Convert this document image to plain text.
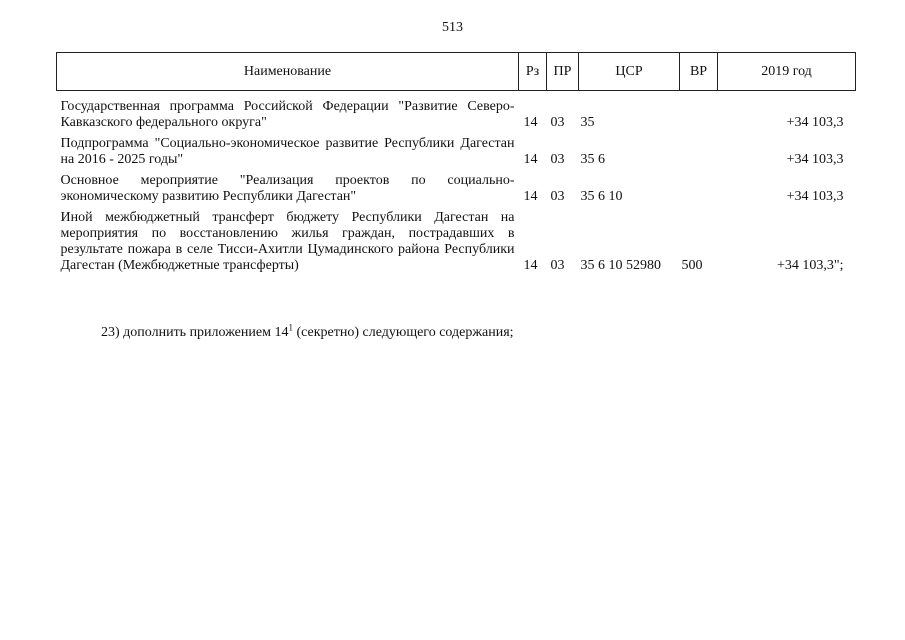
513
Наименование	Рз	ПР	ЦСР	ВР	2019 год

Государственная программа Российской Федерации "Развитие Северо-Кавказского федерального округа"	14	03	35		+34 103,3

Подпрограмма "Социально-экономическое развитие Республики Дагестан на 2016 - 2025 годы"	14	03	35 6		+34 103,3

Основное мероприятие "Реализация проектов по социально-экономическому развитию Республики Дагестан"	14	03	35 6 10		+34 103,3

Иной межбюджетный трансферт бюджету Республики Дагестан на мероприятия по восстановлению жилья граждан, пострадавших в результате пожара в селе Тисси-Ахитли Цумадинского района Республики Дагестан (Межбюджетные трансферты)	14	03	35 6 10 52980	500	+34 103,3";
23) дополнить приложением $14^1$ (секретно) следующего содержания;
